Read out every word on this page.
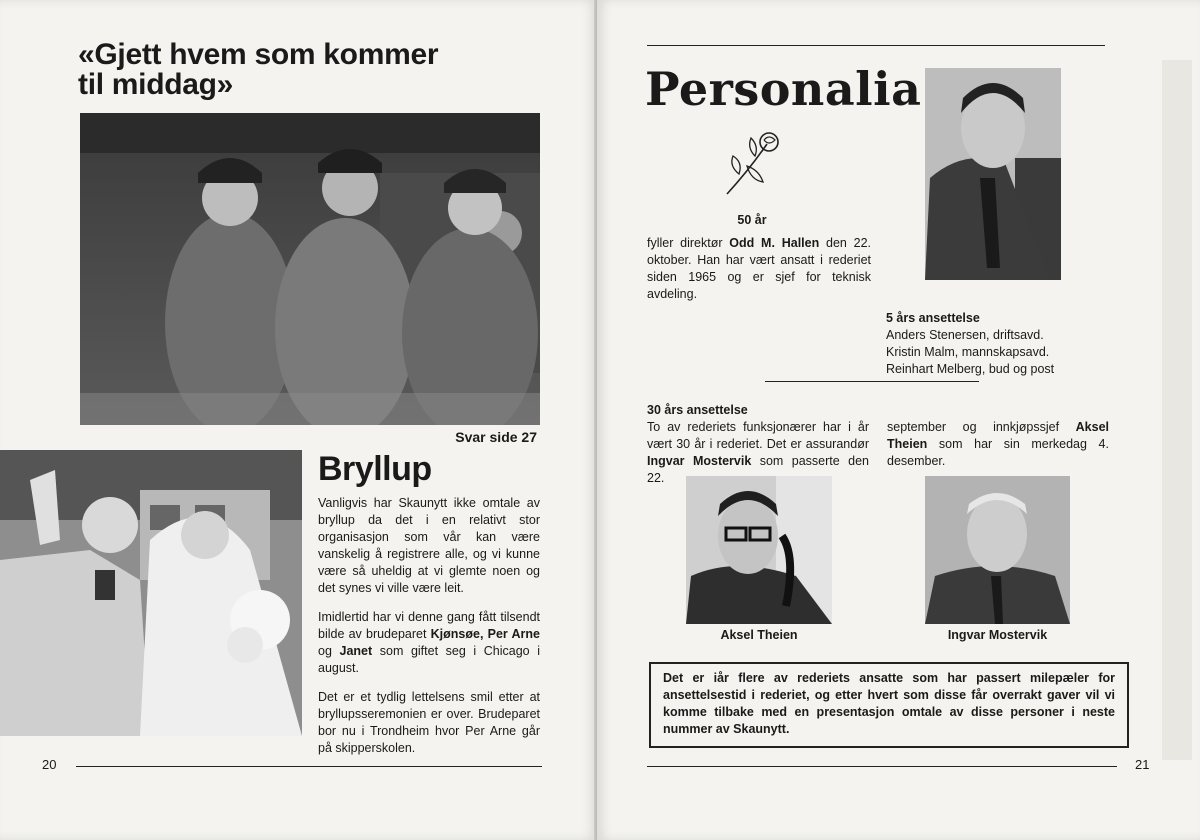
«Gjett hvem som kommer
til middag»
Svar side 27
Bryllup

Vanligvis har Skaunytt ikke omtale av bryllup da det i en relativt stor organisasjon som vår kan være vanskelig å registrere alle, og vi kunne være så uheldig at vi glemte noen og det synes vi ville være leit.

Imidlertid har vi denne gang fått tilsendt bilde av brudeparet Kjønsøe, Per Arne og Janet som giftet seg i Chicago i august.

Det er et tydlig lettelsens smil etter at bryllupsseremonien er over. Brudeparet bor nu i Trondheim hvor Per Arne går på skipperskolen.

20
Personalia
50 år
fyller direktør Odd M. Hallen den 22. oktober. Han har vært ansatt i rederiet siden 1965 og er sjef for teknisk avdeling.
5 års ansettelse
Anders Stenersen, driftsavd.
Kristin Malm, mannskapsavd.
Reinhart Melberg, bud og post
30 års ansettelse
To av rederiets funksjonærer har i år vært 30 år i rederiet. Det er assurandør Ingvar Mostervik som passerte den 22.
september og innkjøpssjef Aksel Theien som har sin merkedag 4. desember.
Aksel Theien	Ingvar Mostervik
Det er iår flere av rederiets ansatte som har passert milepæler for ansettelsestid i rederiet, og etter hvert som disse får overrakt gaver vil vi komme tilbake med en presentasjon omtale av disse personer i neste nummer av Skaunytt.
21
